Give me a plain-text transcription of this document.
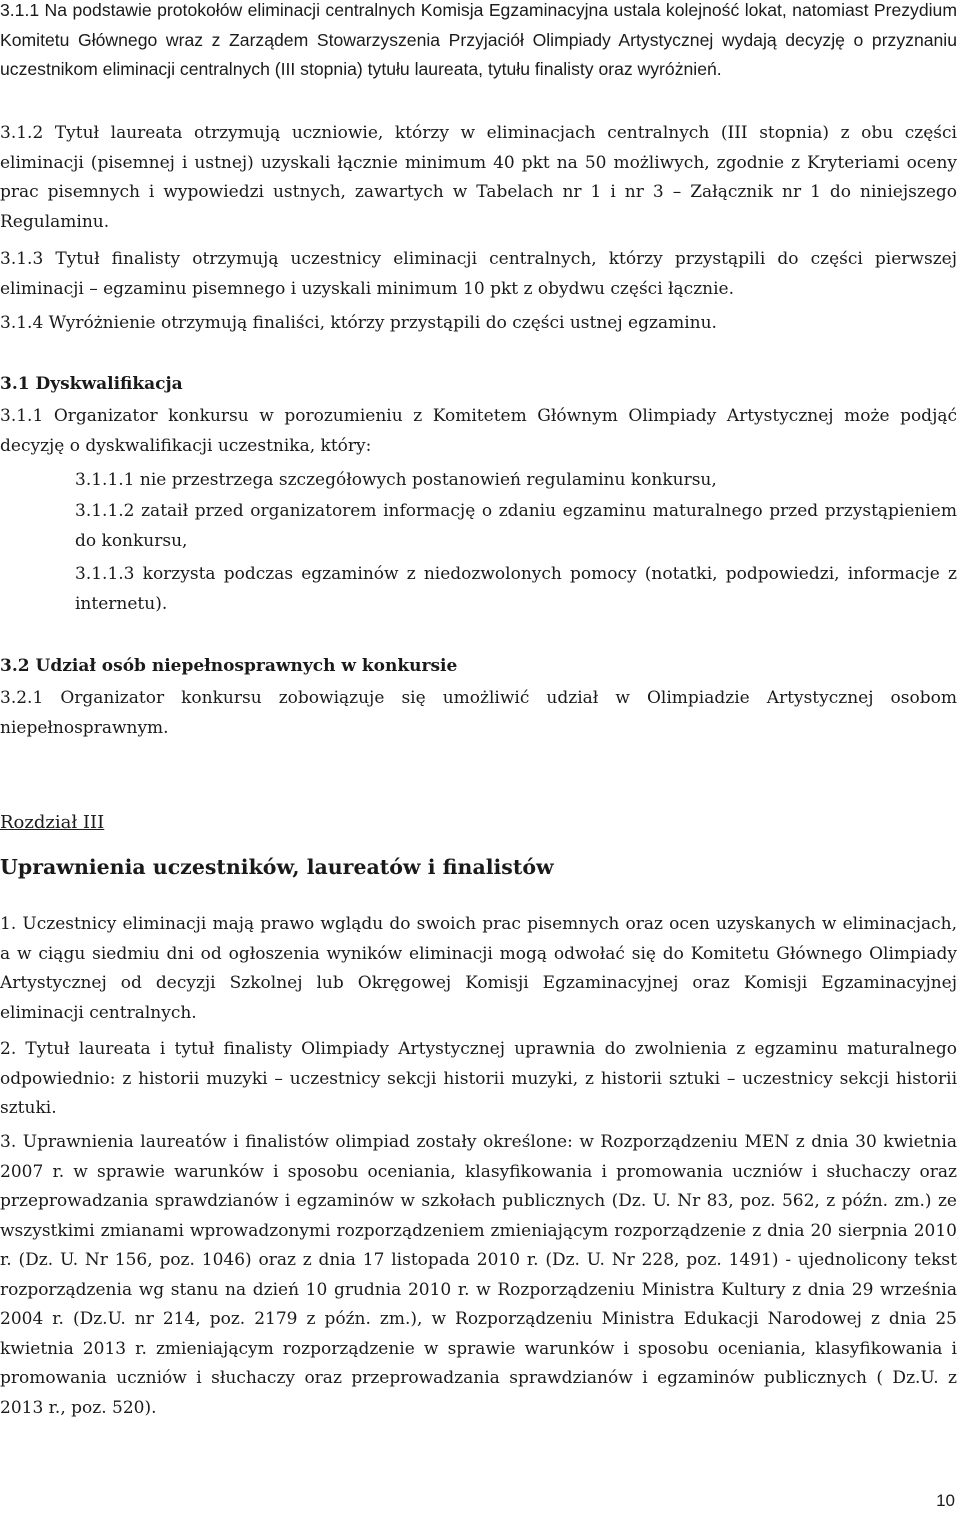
3.1.1 Na podstawie protokołów eliminacji centralnych Komisja Egzaminacyjna ustala kolejność lokat, natomiast Prezydium Komitetu Głównego wraz z Zarządem Stowarzyszenia Przyjaciół Olimpiady Artystycznej wydają decyzję o przyznaniu uczestnikom eliminacji centralnych (III stopnia) tytułu laureata, tytułu finalisty oraz wyróżnień.

3.1.2 Tytuł laureata otrzymują uczniowie, którzy w eliminacjach centralnych (III stopnia) z obu części eliminacji (pisemnej i ustnej) uzyskali łącznie minimum 40 pkt na 50 możliwych, zgodnie z Kryteriami oceny prac pisemnych i wypowiedzi ustnych, zawartych w Tabelach nr 1 i nr 3 – Załącznik nr 1 do niniejszego Regulaminu.

3.1.3 Tytuł finalisty otrzymują uczestnicy eliminacji centralnych, którzy przystąpili do części pierwszej eliminacji – egzaminu pisemnego i uzyskali minimum 10 pkt z obydwu części łącznie.

3.1.4 Wyróżnienie otrzymują finaliści, którzy przystąpili do części ustnej egzaminu.

3.1 Dyskwalifikacja

3.1.1 Organizator konkursu w porozumieniu z Komitetem Głównym Olimpiady Artystycznej może podjąć decyzję o dyskwalifikacji uczestnika, który:

3.1.1.1 nie przestrzega szczegółowych postanowień regulaminu konkursu,

3.1.1.2 zataił przed organizatorem informację o zdaniu egzaminu maturalnego przed przystąpieniem do konkursu,

3.1.1.3 korzysta podczas egzaminów z niedozwolonych pomocy (notatki, podpowiedzi, informacje z internetu).

3.2 Udział osób niepełnosprawnych w konkursie

3.2.1 Organizator konkursu zobowiązuje się umożliwić udział w Olimpiadzie Artystycznej osobom niepełnosprawnym.

Rozdział III

Uprawnienia uczestników, laureatów i finalistów

1. Uczestnicy eliminacji mają prawo wglądu do swoich prac pisemnych oraz ocen uzyskanych w eliminacjach, a w ciągu siedmiu dni od ogłoszenia wyników eliminacji mogą odwołać się do Komitetu Głównego Olimpiady Artystycznej od decyzji Szkolnej lub Okręgowej Komisji Egzaminacyjnej oraz Komisji Egzaminacyjnej eliminacji centralnych.

2. Tytuł laureata i tytuł finalisty Olimpiady Artystycznej uprawnia do zwolnienia z egzaminu maturalnego odpowiednio: z historii muzyki – uczestnicy sekcji historii muzyki, z historii sztuki – uczestnicy sekcji historii sztuki.

3. Uprawnienia laureatów i finalistów olimpiad zostały określone: w Rozporządzeniu MEN z dnia 30 kwietnia 2007 r. w sprawie warunków i sposobu oceniania, klasyfikowania i promowania uczniów i słuchaczy oraz przeprowadzania sprawdzianów i egzaminów w szkołach publicznych (Dz. U. Nr 83, poz. 562, z późn. zm.) ze wszystkimi zmianami wprowadzonymi rozporządzeniem zmieniającym rozporządzenie z dnia 20 sierpnia 2010 r. (Dz. U. Nr 156, poz. 1046) oraz z dnia 17 listopada 2010 r. (Dz. U. Nr 228, poz. 1491) - ujednolicony tekst rozporządzenia wg stanu na dzień 10 grudnia 2010 r. w Rozporządzeniu Ministra Kultury z dnia 29 września 2004 r. (Dz.U. nr 214, poz. 2179 z późn. zm.), w Rozporządzeniu Ministra Edukacji Narodowej z dnia 25 kwietnia 2013 r. zmieniającym rozporządzenie w sprawie warunków i sposobu oceniania, klasyfikowania i promowania uczniów i słuchaczy oraz przeprowadzania sprawdzianów i egzaminów publicznych ( Dz.U. z 2013 r., poz. 520).

10
